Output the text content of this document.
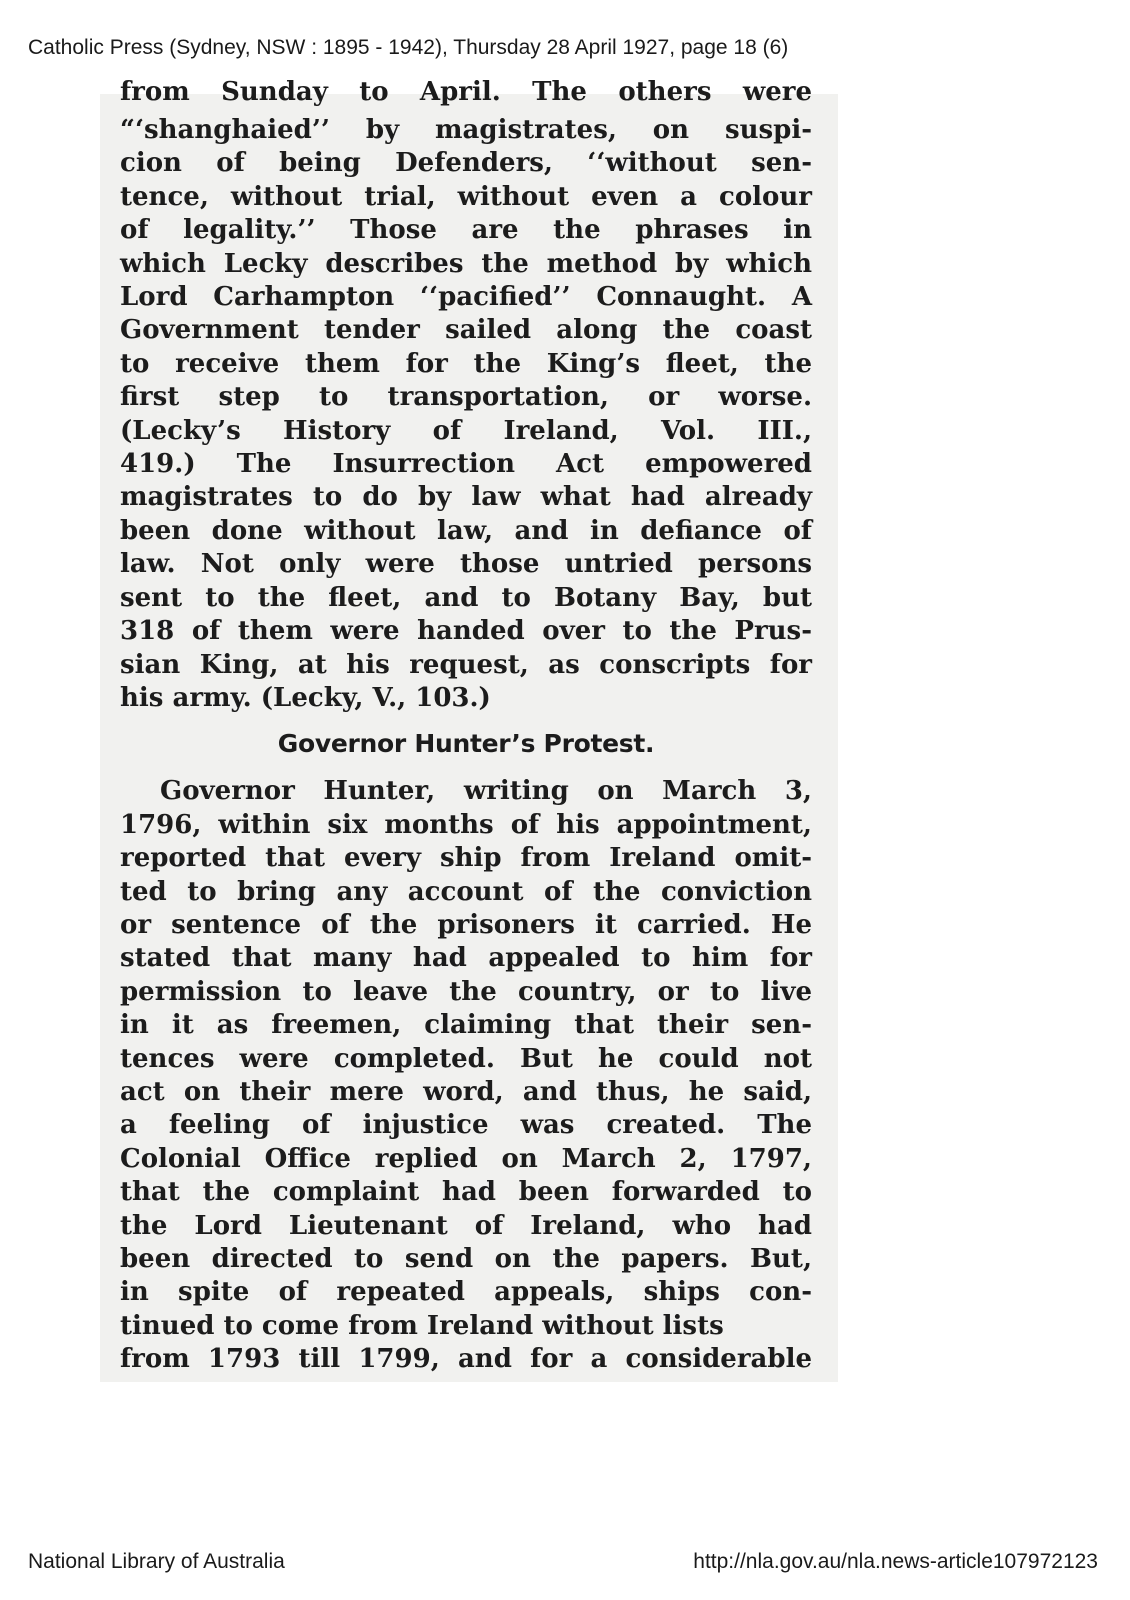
Catholic Press (Sydney, NSW : 1895 - 1942), Thursday 28 April 1927, page 18 (6)
from Sunday to April. The others were
“‘shanghaied’’ by magistrates, on suspi-
cion of being Defenders, ‘‘without sen-
tence, without trial, without even a colour
of legality.’’ Those are the phrases in
which Lecky describes the method by which
Lord Carhampton ‘‘pacified’’ Connaught. A
Government tender sailed along the coast
to receive them for the King’s fleet, the
first step to transportation, or worse.
(Lecky’s History of Ireland, Vol. III.,
419.) The Insurrection Act empowered
magistrates to do by law what had already
been done without law, and in defiance of
law. Not only were those untried persons
sent to the fleet, and to Botany Bay, but
318 of them were handed over to the Prus-
sian King, at his request, as conscripts for
his army. (Lecky, V., 103.)
Governor Hunter’s Protest.
Governor Hunter, writing on March 3,
1796, within six months of his appointment,
reported that every ship from Ireland omit-
ted to bring any account of the conviction
or sentence of the prisoners it carried. He
stated that many had appealed to him for
permission to leave the country, or to live
in it as freemen, claiming that their sen-
tences were completed. But he could not
act on their mere word, and thus, he said,
a feeling of injustice was created. The
Colonial Office replied on March 2, 1797,
that the complaint had been forwarded to
the Lord Lieutenant of Ireland, who had
been directed to send on the papers. But,
in spite of repeated appeals, ships con-
tinued to come from Ireland without lists
from 1793 till 1799, and for a considerable
National Library of Australia	http://nla.gov.au/nla.news-article107972123
